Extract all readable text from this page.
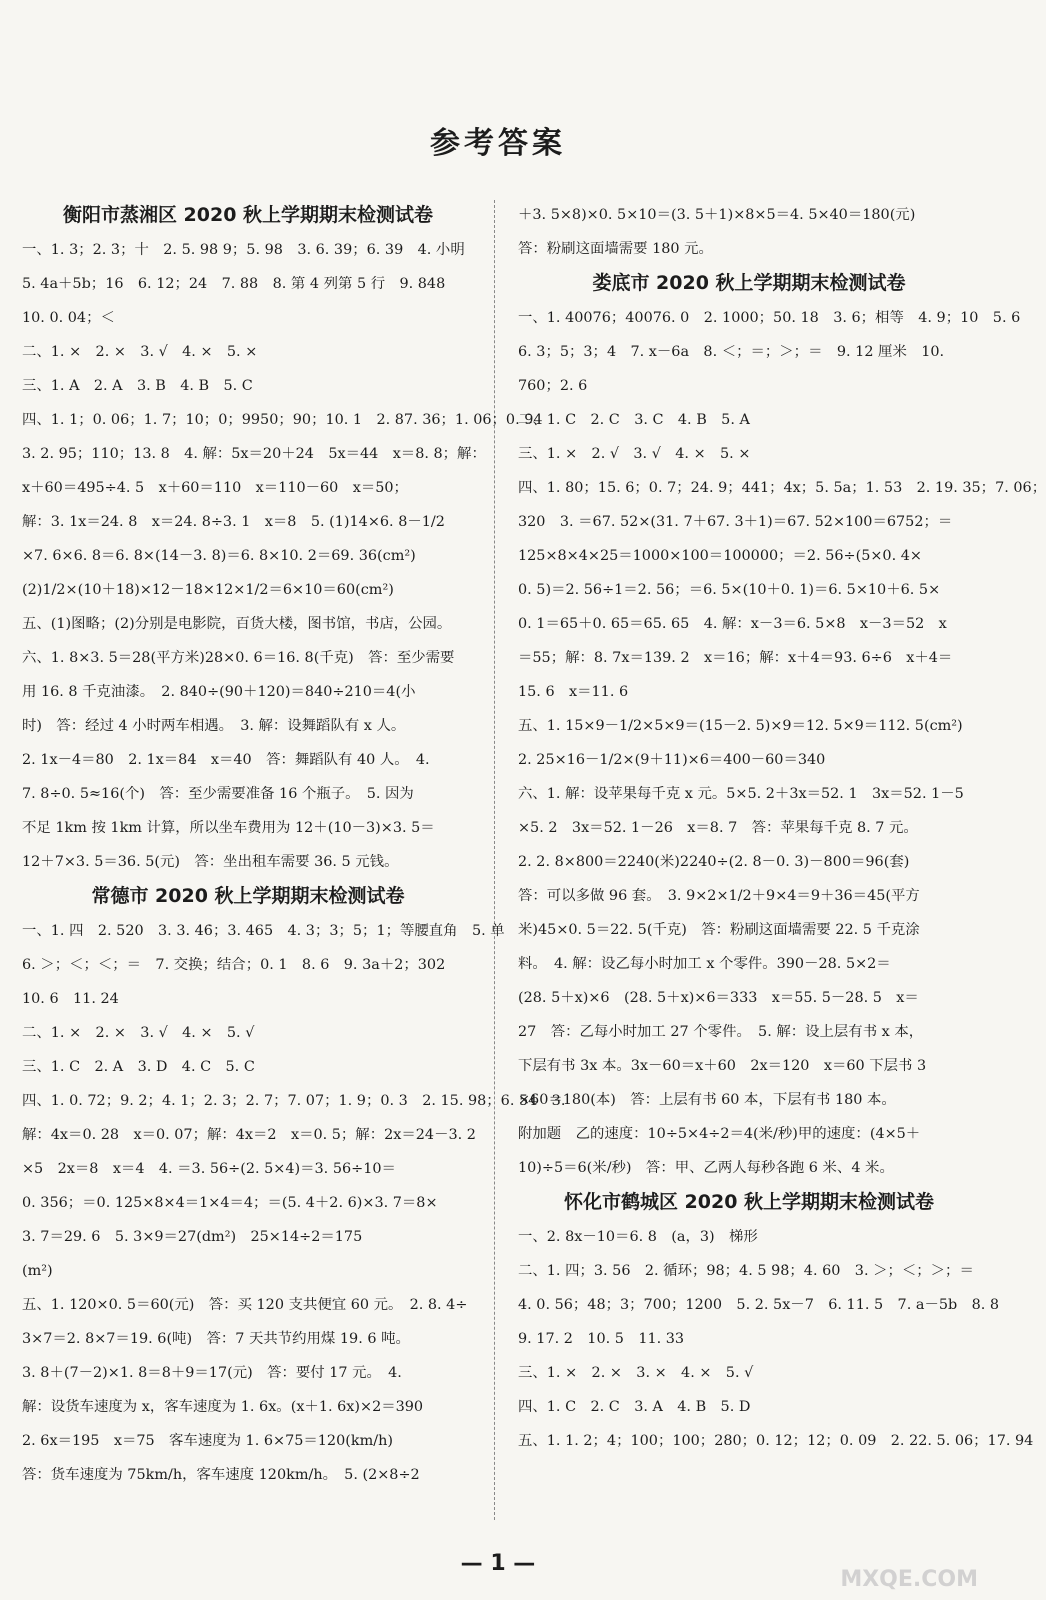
参考答案
衡阳市蒸湘区 2020 秋上学期期末检测试卷
一、1. 3；2. 3̇；十　2. 5. 98̇ 9；5. 98　3. 6. 39；6. 39　4. 小明
5. 4a＋5b；16　6. 12；24　7. 88　8. 第 4 列第 5 行　9. 848
10. 0. 04；＜
二、1. ×　2. ×　3. √　4. ×　5. ×
三、1. A　2. A　3. B　4. B　5. C
四、1. 1；0. 06；1. 7；10；0；9950；90；10. 1　2. 87. 36；1. 06；0. 94
3. 2. 95；110；13. 8　4. 解：5x＝20＋24　5x＝44　x＝8. 8；解：
x＋60＝495÷4. 5　x＋60＝110　x＝110－60　x＝50；
解：3. 1x＝24. 8　x＝24. 8÷3. 1　x＝8　5. (1)14×6. 8－1/2
×7. 6×6. 8＝6. 8×(14－3. 8)＝6. 8×10. 2＝69. 36(cm²)
(2)1/2×(10＋18)×12－18×12×1/2＝6×10＝60(cm²)
五、(1)图略；(2)分别是电影院，百货大楼，图书馆，书店，公园。
六、1. 8×3. 5＝28(平方米)28×0. 6＝16. 8(千克)　答：至少需要
用 16. 8 千克油漆。　2. 840÷(90＋120)＝840÷210＝4(小
时)　答：经过 4 小时两车相遇。　3. 解：设舞蹈队有 x 人。
2. 1x－4＝80　2. 1x＝84　x＝40　答：舞蹈队有 40 人。　4.
7. 8÷0. 5≈16(个)　答：至少需要准备 16 个瓶子。　5. 因为
不足 1km 按 1km 计算，所以坐车费用为 12＋(10－3)×3. 5＝
12＋7×3. 5＝36. 5(元)　答：坐出租车需要 36. 5 元钱。
常德市 2020 秋上学期期末检测试卷
一、1. 四　2. 520　3. 3. 4̇6̇；3. 465　4. 3；3；5；1；等腰直角　5. 单
6. ＞；＜；＜；＝　7. 交换；结合；0. 1　8. 6　9. 3a＋2；302
10. 6　11. 24
二、1. ×　2. ×　3. √　4. ×　5. √
三、1. C　2. A　3. D　4. C　5. C
四、1. 0. 72；9. 2；4. 1；2. 3；2. 7；7. 07；1. 9；0. 3　2. 15. 98；6. 54　3.
解：4x＝0. 28　x＝0. 07；解：4x＝2　x＝0. 5；解：2x＝24－3. 2
×5　2x＝8　x＝4　4. ＝3. 56÷(2. 5×4)＝3. 56÷10＝
0. 356；＝0. 125×8×4＝1×4＝4；＝(5. 4＋2. 6)×3. 7＝8×
3. 7＝29. 6　5. 3×9＝27(dm²)　25×14÷2＝175
(m²)
五、1. 120×0. 5＝60(元)　答：买 120 支共便宜 60 元。　2. 8. 4÷
3×7＝2. 8×7＝19. 6(吨)　答：7 天共节约用煤 19. 6 吨。
3. 8＋(7－2)×1. 8＝8＋9＝17(元)　答：要付 17 元。　4.
解：设货车速度为 x，客车速度为 1. 6x。(x＋1. 6x)×2＝390
2. 6x＝195　x＝75　客车速度为 1. 6×75＝120(km/h)
答：货车速度为 75km/h，客车速度 120km/h。　5. (2×8÷2
＋3. 5×8)×0. 5×10＝(3. 5＋1)×8×5＝4. 5×40＝180(元)
答：粉刷这面墙需要 180 元。
娄底市 2020 秋上学期期末检测试卷
一、1. 40076；40076. 0　2. 1000；50. 18　3. 6；相等　4. 9；10　5. 6
6. 3；5；3；4　7. x－6a　8. ＜；＝；＞；＝　9. 12 厘米　10.
760；2. 6
二、1. C　2. C　3. C　4. B　5. A
三、1. ×　2. √　3. √　4. ×　5. ×
四、1. 80；15. 6；0. 7；24. 9；441；4x；5. 5a；1. 53　2. 19. 35；7. 06；
320　3. ＝67. 52×(31. 7＋67. 3＋1)＝67. 52×100＝6752；＝
125×8×4×25＝1000×100＝100000；＝2. 56÷(5×0. 4×
0. 5)＝2. 56÷1＝2. 56；＝6. 5×(10＋0. 1)＝6. 5×10＋6. 5×
0. 1＝65＋0. 65＝65. 65　4. 解：x－3＝6. 5×8　x－3＝52　x
＝55；解：8. 7x＝139. 2　x＝16；解：x＋4＝93. 6÷6　x＋4＝
15. 6　x＝11. 6
五、1. 15×9－1/2×5×9＝(15－2. 5)×9＝12. 5×9＝112. 5(cm²)
2. 25×16－1/2×(9＋11)×6＝400－60＝340
六、1. 解：设苹果每千克 x 元。5×5. 2＋3x＝52. 1　3x＝52. 1－5
×5. 2　3x＝52. 1－26　x＝8. 7　答：苹果每千克 8. 7 元。
2. 2. 8×800＝2240(米)2240÷(2. 8－0. 3)－800＝96(套)
答：可以多做 96 套。　3. 9×2×1/2＋9×4＝9＋36＝45(平方
米)45×0. 5＝22. 5(千克)　答：粉刷这面墙需要 22. 5 千克涂
料。　4. 解：设乙每小时加工 x 个零件。390－28. 5×2＝
(28. 5＋x)×6　(28. 5＋x)×6＝333　x＝55. 5－28. 5　x＝
27　答：乙每小时加工 27 个零件。　5. 解：设上层有书 x 本，
下层有书 3x 本。3x－60＝x＋60　2x＝120　x＝60 下层书 3
×60＝180(本)　答：上层有书 60 本，下层有书 180 本。
附加题　乙的速度：10÷5×4÷2＝4(米/秒)甲的速度：(4×5＋
10)÷5＝6(米/秒)　答：甲、乙两人每秒各跑 6 米、4 米。
怀化市鹤城区 2020 秋上学期期末检测试卷
一、2. 8x－10＝6. 8　(a，3)　梯形
二、1. 四；3. 56　2. 循环；98；4. 5 9̇8̇；4. 60　3. ＞；＜；＞；＝
4. 0. 56；48；3；700；1200　5. 2. 5x－7　6. 11. 5　7. a－5b　8. 8
9. 17. 2　10. 5　11. 33
三、1. ×　2. ×　3. ×　4. ×　5. √
四、1. C　2. C　3. A　4. B　5. D
五、1. 1. 2；4；100；100；280；0. 12；12；0. 09　2. 22. 5. 06；17. 94
— 1 —
MXQE.COM
